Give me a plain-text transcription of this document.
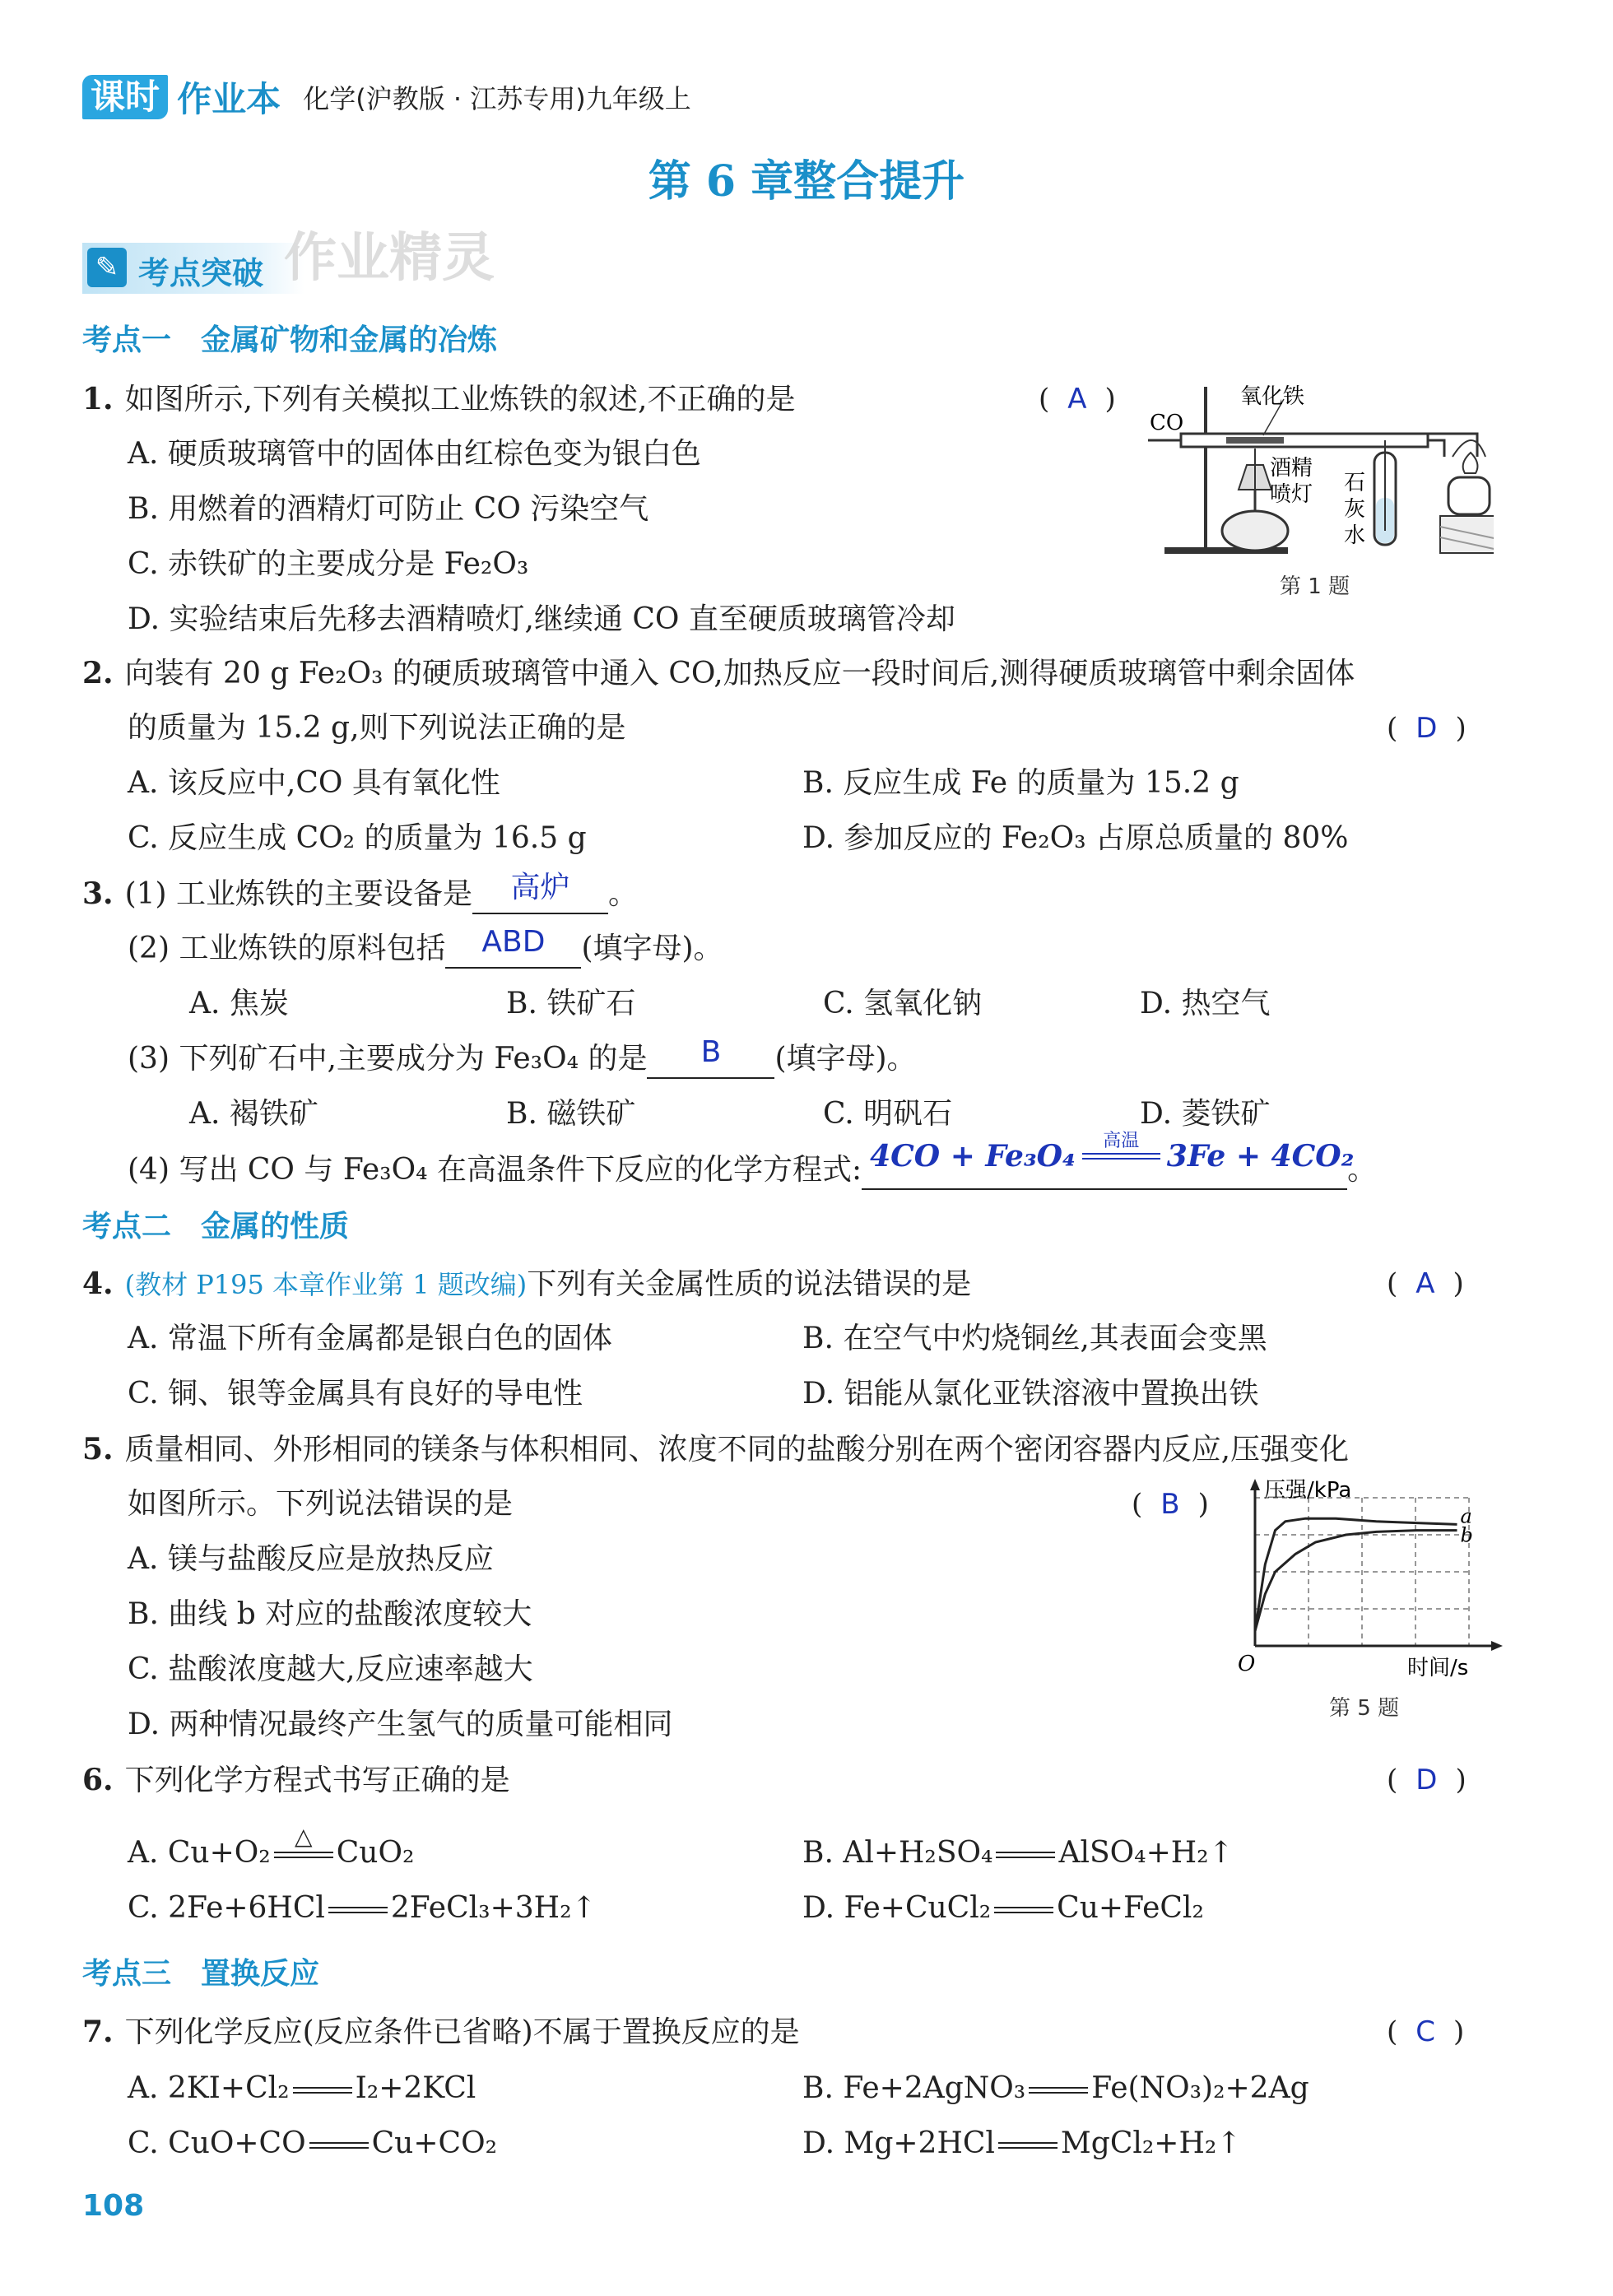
课时 作业本 化学(沪教版 · 江苏专用)九年级上
第 6 章整合提升
✎ 考点突破 作业精灵
考点一　金属矿物和金属的冶炼
1. 如图所示,下列有关模拟工业炼铁的叙述,不正确的是	( A )
A. 硬质玻璃管中的固体由红棕色变为银白色
B. 用燃着的酒精灯可防止 CO 污染空气
C. 赤铁矿的主要成分是 Fe₂O₃
D. 实验结束后先移去酒精喷灯,继续通 CO 直至硬质玻璃管冷却
CO
氧化铁
酒精
喷灯 石
灰
水
第 1 题
2. 向装有 20 g Fe₂O₃ 的硬质玻璃管中通入 CO,加热反应一段时间后,测得硬质玻璃管中剩余固体
的质量为 15.2 g,则下列说法正确的是	( D )
A. 该反应中,CO 具有氧化性	B. 反应生成 Fe 的质量为 15.2 g
C. 反应生成 CO₂ 的质量为 16.5 g	D. 参加反应的 Fe₂O₃ 占原总质量的 80%
3. (1) 工业炼铁的主要设备是 高炉 。
(2) 工业炼铁的原料包括 ABD (填字母)。
A. 焦炭	B. 铁矿石	C. 氢氧化钠	D. 热空气
(3) 下列矿石中,主要成分为 Fe₃O₄ 的是 B (填字母)。
A. 褐铁矿	B. 磁铁矿	C. 明矾石	D. 菱铁矿
(4) 写出 CO 与 Fe₃O₄ 在高温条件下反应的化学方程式: 4CO + Fe₃O₄	高温 3Fe + 4CO₂。
考点二　金属的性质
4. (教材 P195 本章作业第 1 题改编)下列有关金属性质的说法错误的是	( A )
A. 常温下所有金属都是银白色的固体	B. 在空气中灼烧铜丝,其表面会变黑
C. 铜、银等金属具有良好的导电性	D. 铝能从氯化亚铁溶液中置换出铁
5. 质量相同、外形相同的镁条与体积相同、浓度不同的盐酸分别在两个密闭容器内反应,压强变化
如图所示。下列说法错误的是	( B )
A. 镁与盐酸反应是放热反应
B. 曲线 b 对应的盐酸浓度较大
C. 盐酸浓度越大,反应速率越大
D. 两种情况最终产生氢气的质量可能相同
a
b
压强/kPa
O	时间/s
第 5 题
6. 下列化学方程式书写正确的是	( D )
A. Cu+O₂	△ CuO₂	B. Al+H₂SO₄ AlSO₄+H₂↑
C. 2Fe+6HCl 2FeCl₃+3H₂↑	D. Fe+CuCl₂ Cu+FeCl₂
考点三　置换反应
7. 下列化学反应(反应条件已省略)不属于置换反应的是	( C )
A. 2KI+Cl₂ I₂+2KCl	B. Fe+2AgNO₃ Fe(NO₃)₂+2Ag
C. CuO+CO Cu+CO₂	D. Mg+2HCl MgCl₂+H₂↑
108
